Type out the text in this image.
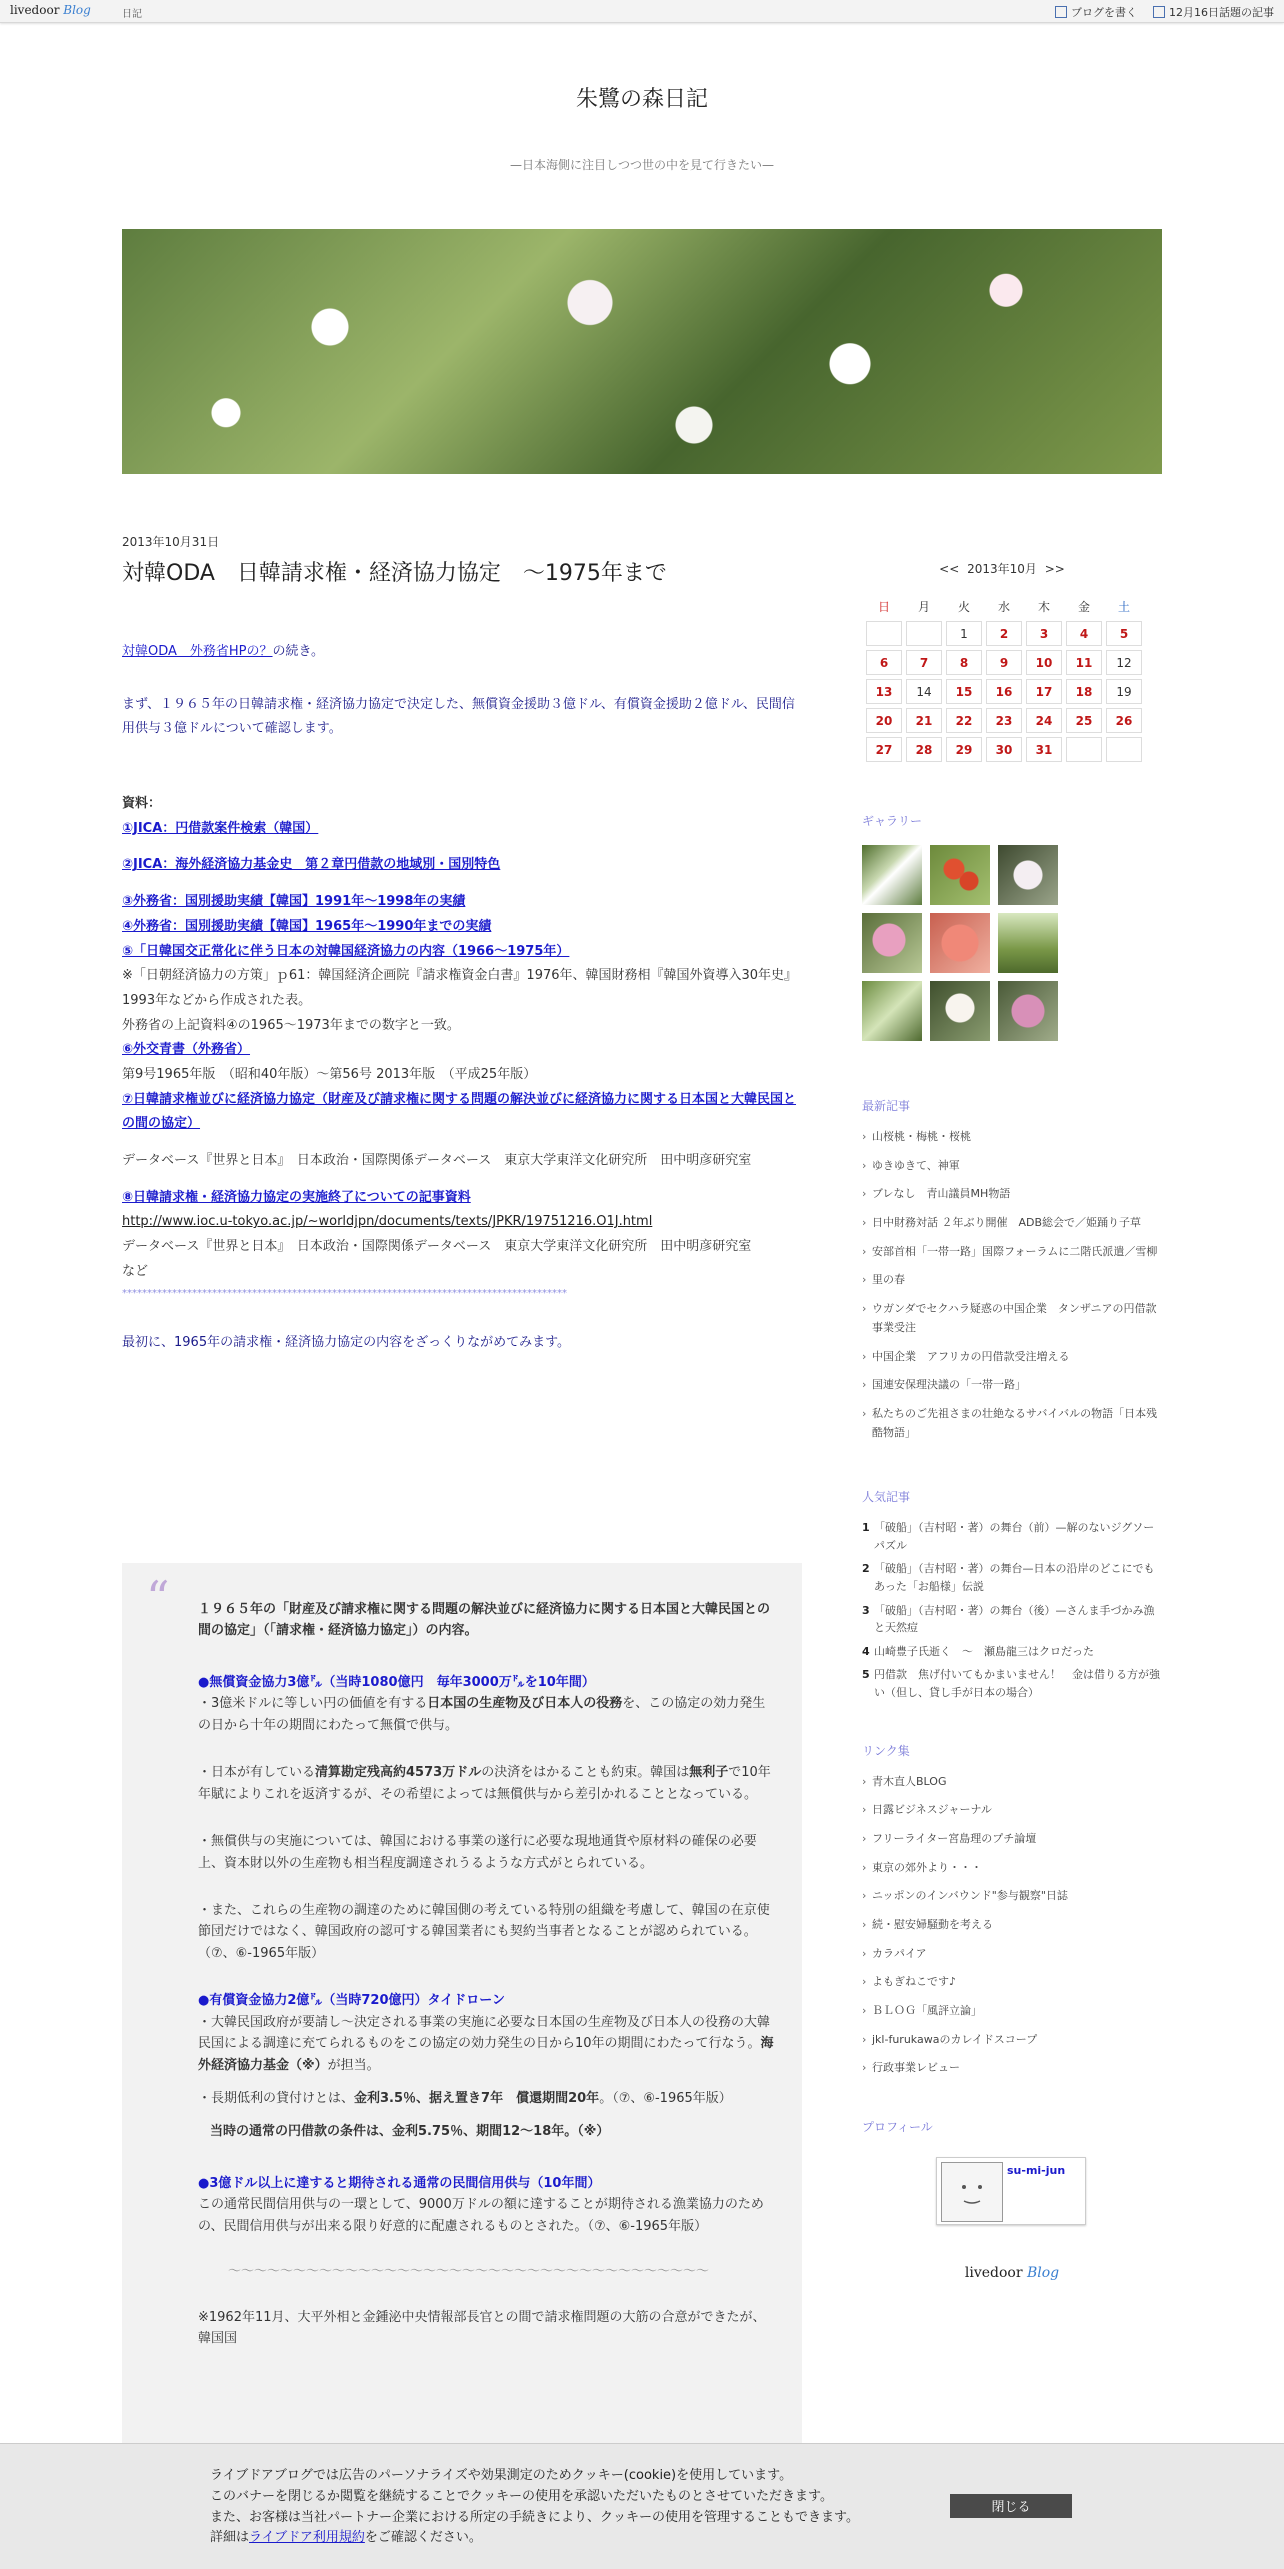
livedoor Blog	日記	ブログを書く	12月16日話題の記事
朱鷺の森日記
—日本海側に注目しつつ世の中を見て行きたい—
2013年10月31日
対韓ODA　日韓請求権・経済協力協定　～1975年まで

対韓ODA　外務省HPの？の続き。

まず、１９６５年の日韓請求権・経済協力協定で決定した、無償資金援助３億ドル、有償資金援助２億ドル、民間信用供与３億ドルについて確認します。

資料：

①JICA：円借款案件検索（韓国）

②JICA：海外経済協力基金史　第２章円借款の地域別・国別特色

③外務省：国別援助実績【韓国】1991年～1998年の実績

④外務省：国別援助実績【韓国】1965年～1990年までの実績

⑤「日韓国交正常化に伴う日本の対韓国経済協力の内容（1966～1975年）

※「日朝経済協力の方策」ｐ61：韓国経済企画院『請求権資金白書』1976年、韓国財務相『韓国外資導入30年史』1993年などから作成された表。

外務省の上記資料④の1965～1973年までの数字と一致。

⑥外交青書（外務省）

第9号1965年版　（昭和40年版）～第56号 2013年版　（平成25年版）

⑦日韓請求権並びに経済協力協定（財産及び請求権に関する問題の解決並びに経済協力に関する日本国と大韓民国との間の協定）

データベース『世界と日本』　日本政治・国際関係データベース　東京大学東洋文化研究所　田中明彦研究室

⑧日韓請求権・経済協力協定の実施終了についての記事資料

http://www.ioc.u-tokyo.ac.jp/~worldjpn/documents/texts/JPKR/19751216.O1J.html

データベース『世界と日本』　日本政治・国際関係データベース　東京大学東洋文化研究所　田中明彦研究室

など

*****************************************************************************************

最初に、1965年の請求権・経済協力協定の内容をざっくりながめてみます。

“ １９６５年の「財産及び請求権に関する問題の解決並びに経済協力に関する日本国と大韓民国との間の協定」（「請求権・経済協力協定」）の内容。

●無償資金協力3億㌦（当時1080億円　毎年3000万㌦を10年間）

・3億米ドルに等しい円の価値を有する日本国の生産物及び日本人の役務を、この協定の効力発生の日から十年の期間にわたって無償で供与。

・日本が有している清算勘定残高約4573万ドルの決済をはかることも約束。韓国は無利子で10年年賦によりこれを返済するが、その希望によっては無償供与から差引かれることとなっている。

・無償供与の実施については、韓国における事業の遂行に必要な現地通貨や原材料の確保の必要上、資本財以外の生産物も相当程度調達されうるような方式がとられている。

・また、これらの生産物の調達のために韓国側の考えている特別の組織を考慮して、韓国の在京使節団だけではなく、韓国政府の認可する韓国業者にも契約当事者となることが認められている。（⑦、⑥-1965年版）

●有償資金協力2億㌦（当時720億円）タイドローン

・大韓民国政府が要請し～決定される事業の実施に必要な日本国の生産物及び日本人の役務の大韓民国による調達に充てられるものをこの協定の効力発生の日から10年の期間にわたって行なう。海外経済協力基金（※）が担当。

・長期低利の貸付けとは、金利3.5％、据え置き7年　償還期間20年。（⑦、⑥-1965年版）

当時の通常の円借款の条件は、金利5.75％、期間12～18年。（※）

●3億ドル以上に達すると期待される通常の民間信用供与（10年間）

この通常民間信用供与の一環として、9000万ドルの額に達することが期待される漁業協力のための、民間信用供与が出来る限り好意的に配慮されるものとされた。（⑦、⑥-1965年版）

～～～～～～～～～～～～～～～～～～～～～～～～～～～～～～～～～～～～～

※1962年11月、大平外相と金鍾泌中央情報部長官との間で請求権問題の大筋の合意ができたが、韓国国

<< 2013年10月 >>
日	月	火	水	木	金	土
		1	2	3	4	5
6	7	8	9	10	11	12
13	14	15	16	17	18	19
20	21	22	23	24	25	26
27	28	29	30	31		
ギャラリー
最新記事
› 山桜桃・梅桃・桜桃
› ゆきゆきて、神軍
› ブレなし　青山議員MH物語
› 日中財務対話 ２年ぶり開催　ADB総会で／姫踊り子草
› 安部首相「一帯一路」国際フォーラムに二階氏派遣／雪柳
› 里の春
› ウガンダでセクハラ疑惑の中国企業　タンザニアの円借款事業受注
› 中国企業　アフリカの円借款受注増える
› 国連安保理決議の「一帯一路」
› 私たちのご先祖さまの壮絶なるサバイバルの物語「日本残酷物語」
人気記事
1 「破船」（吉村昭・著）の舞台（前）—解のないジグソーパズル
2 「破船」（吉村昭・著）の舞台—日本の沿岸のどこにでもあった「お船様」伝説
3 「破船」（吉村昭・著）の舞台（後）—さんま手づかみ漁と天然痘
4 山崎豊子氏逝く　～　瀬島龍三はクロだった
5 円借款　焦げ付いてもかまいません！　金は借りる方が強い（但し、貸し手が日本の場合）
リンク集
› 青木直人BLOG
› 日露ビジネスジャーナル
› フリーライター宮島理のプチ論壇
› 東京の郊外より・・・
› ニッポンのインバウンド"参与観察"日誌
› 続・慰安婦騒動を考える
› カラパイア
› よもぎねこです♪
› ＢＬＯＧ「風評立論」
› jkl-furukawaのカレイドスコープ
› 行政事業レビュー
プロフィール
su-mi-jun
livedoor Blog
ライブドアブログでは広告のパーソナライズや効果測定のためクッキー(cookie)を使用しています。
このバナーを閉じるか閲覧を継続することでクッキーの使用を承認いただいたものとさせていただきます。
また、お客様は当社パートナー企業における所定の手続きにより、クッキーの使用を管理することもできます。
詳細はライブドア利用規約をご確認ください。
閉じる
